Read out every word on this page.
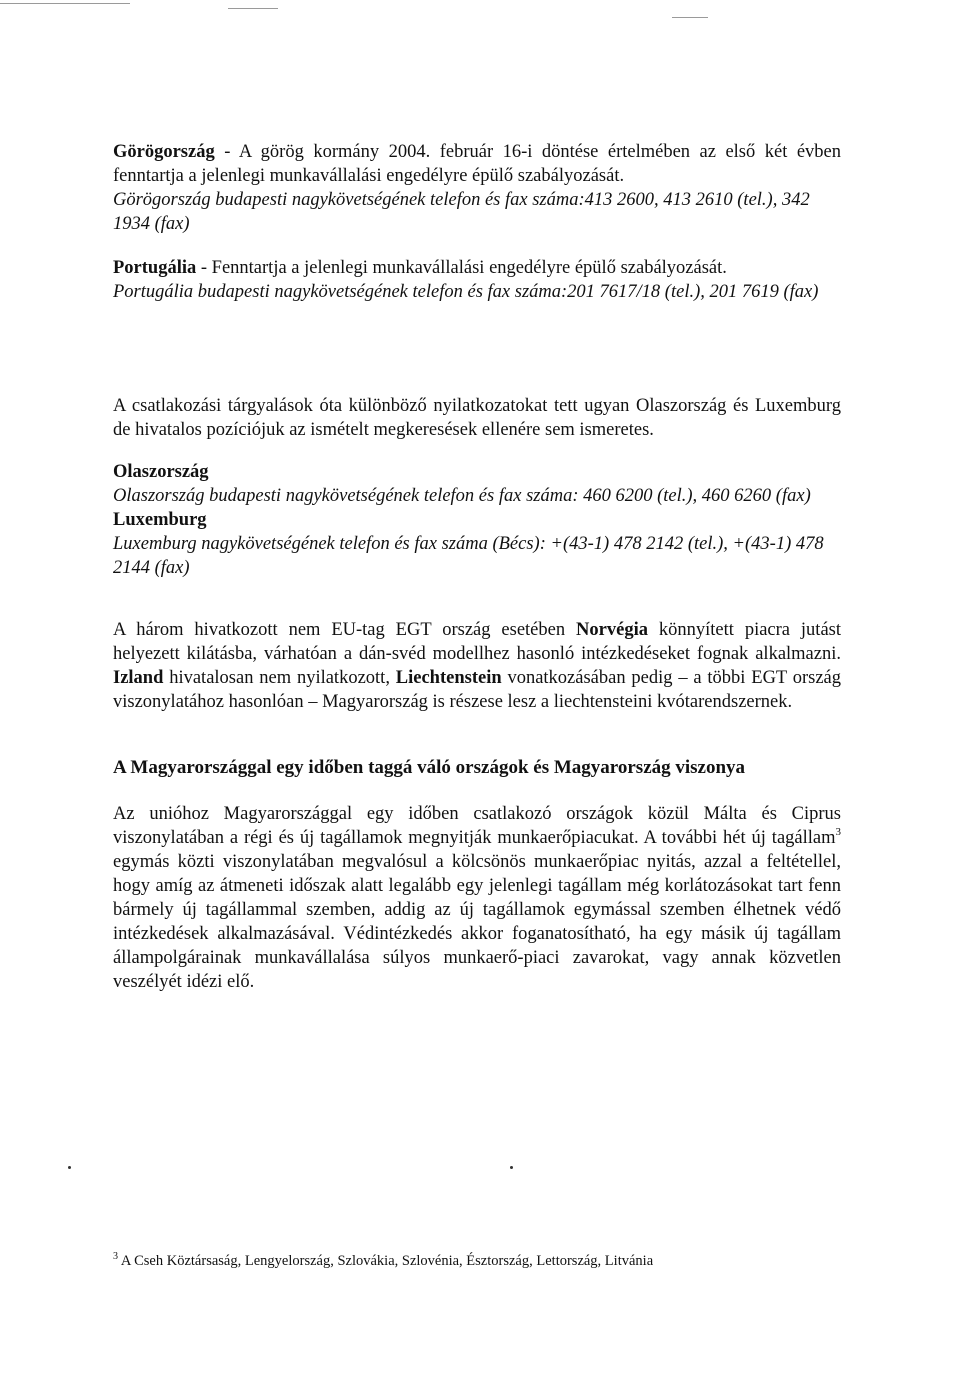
Görögország - A görög kormány 2004. február 16-i döntése értelmében az első két évben fenntartja a jelenlegi munkavállalási engedélyre épülő szabályozását.

Görögország budapesti nagykövetségének telefon és fax száma:413 2600, 413 2610 (tel.), 342 1934 (fax)

Portugália - Fenntartja a jelenlegi munkavállalási engedélyre épülő szabályozását.

Portugália budapesti nagykövetségének telefon és fax száma:201 7617/18 (tel.), 201 7619 (fax)

A csatlakozási tárgyalások óta különböző nyilatkozatokat tett ugyan Olaszország és Luxemburg de hivatalos pozíciójuk az ismételt megkeresések ellenére sem ismeretes.

Olaszország

Olaszország budapesti nagykövetségének telefon és fax száma: 460 6200 (tel.), 460 6260 (fax)

Luxemburg

Luxemburg nagykövetségének telefon és fax száma (Bécs): +(43-1) 478 2142 (tel.), +(43-1) 478 2144 (fax)

A három hivatkozott nem EU-tag EGT ország esetében Norvégia könnyített piacra jutást helyezett kilátásba, várhatóan a dán-svéd modellhez hasonló intézkedéseket fognak alkalmazni. Izland hivatalosan nem nyilatkozott, Liechtenstein vonatkozásában pedig – a többi EGT ország viszonylatához hasonlóan – Magyarország is részese lesz a liechtensteini kvótarendszernek.

A Magyarországgal egy időben taggá váló országok és Magyarország viszonya

Az unióhoz Magyarországgal egy időben csatlakozó országok közül Málta és Ciprus viszonylatában a régi és új tagállamok megnyitják munkaerőpiacukat. A további hét új tagállam$^3$ egymás közti viszonylatában megvalósul a kölcsönös munkaerőpiac nyitás, azzal a feltétellel, hogy amíg az átmeneti időszak alatt legalább egy jelenlegi tagállam még korlátozásokat tart fenn bármely új tagállammal szemben, addig az új tagállamok egymással szemben élhetnek védő intézkedések alkalmazásával. Védintézkedés akkor foganatosítható, ha egy másik új tagállam állampolgárainak munkavállalása súlyos munkaerő-piaci zavarokat, vagy annak közvetlen veszélyét idézi elő.

$^3$ A Cseh Köztársaság, Lengyelország, Szlovákia, Szlovénia, Észtország, Lettország, Litvánia
